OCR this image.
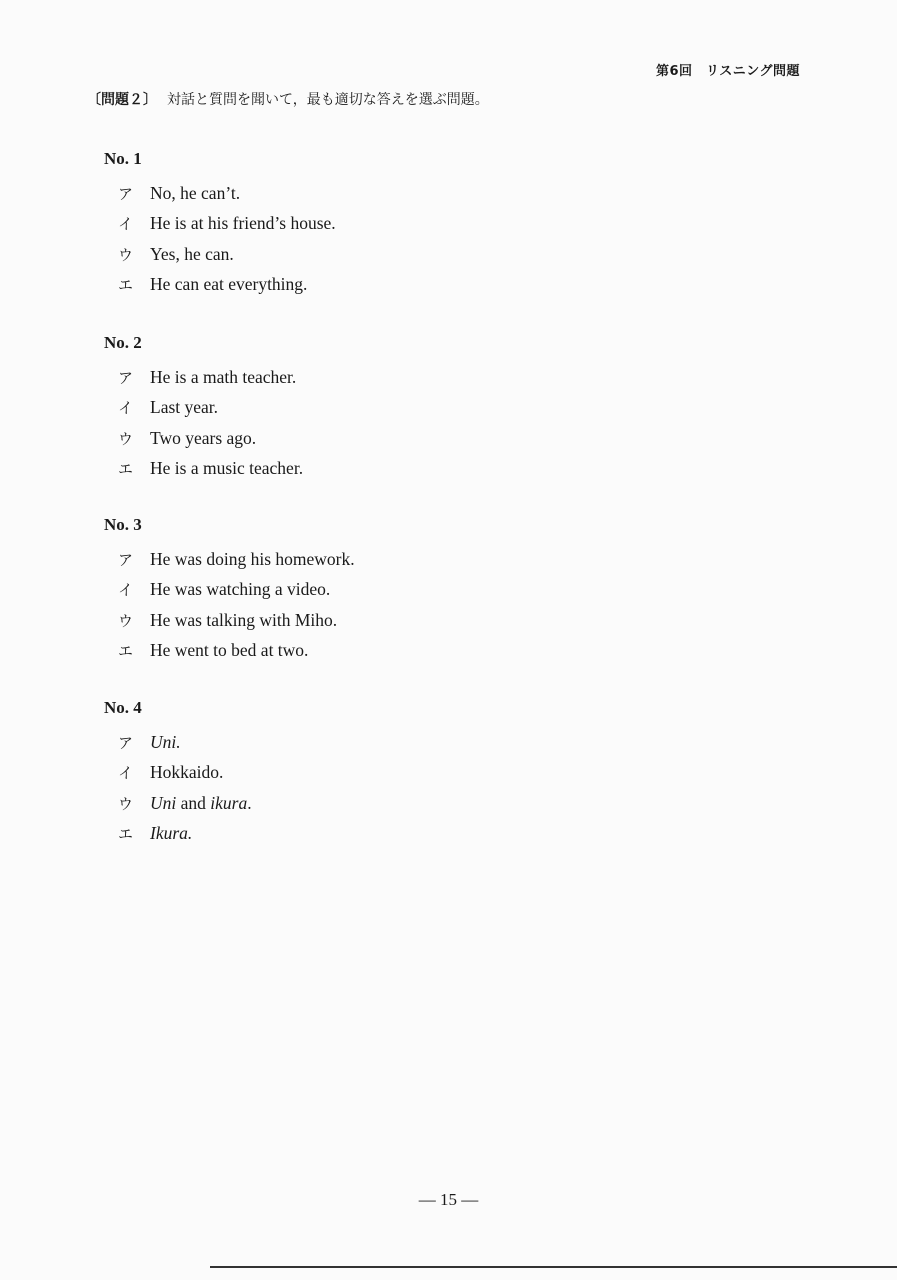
第6回　リスニング問題
〔問題２〕 対話と質問を聞いて，最も適切な答えを選ぶ問題。
No. 1
ア No, he can’t.
イ He is at his friend’s house.
ウ Yes, he can.
エ He can eat everything.
No. 2
ア He is a math teacher.
イ Last year.
ウ Two years ago.
エ He is a music teacher.
No. 3
ア He was doing his homework.
イ He was watching a video.
ウ He was talking with Miho.
エ He went to bed at two.
No. 4
ア Uni.
イ Hokkaido.
ウ Uni and ikura.
エ Ikura.
― 15 ―
